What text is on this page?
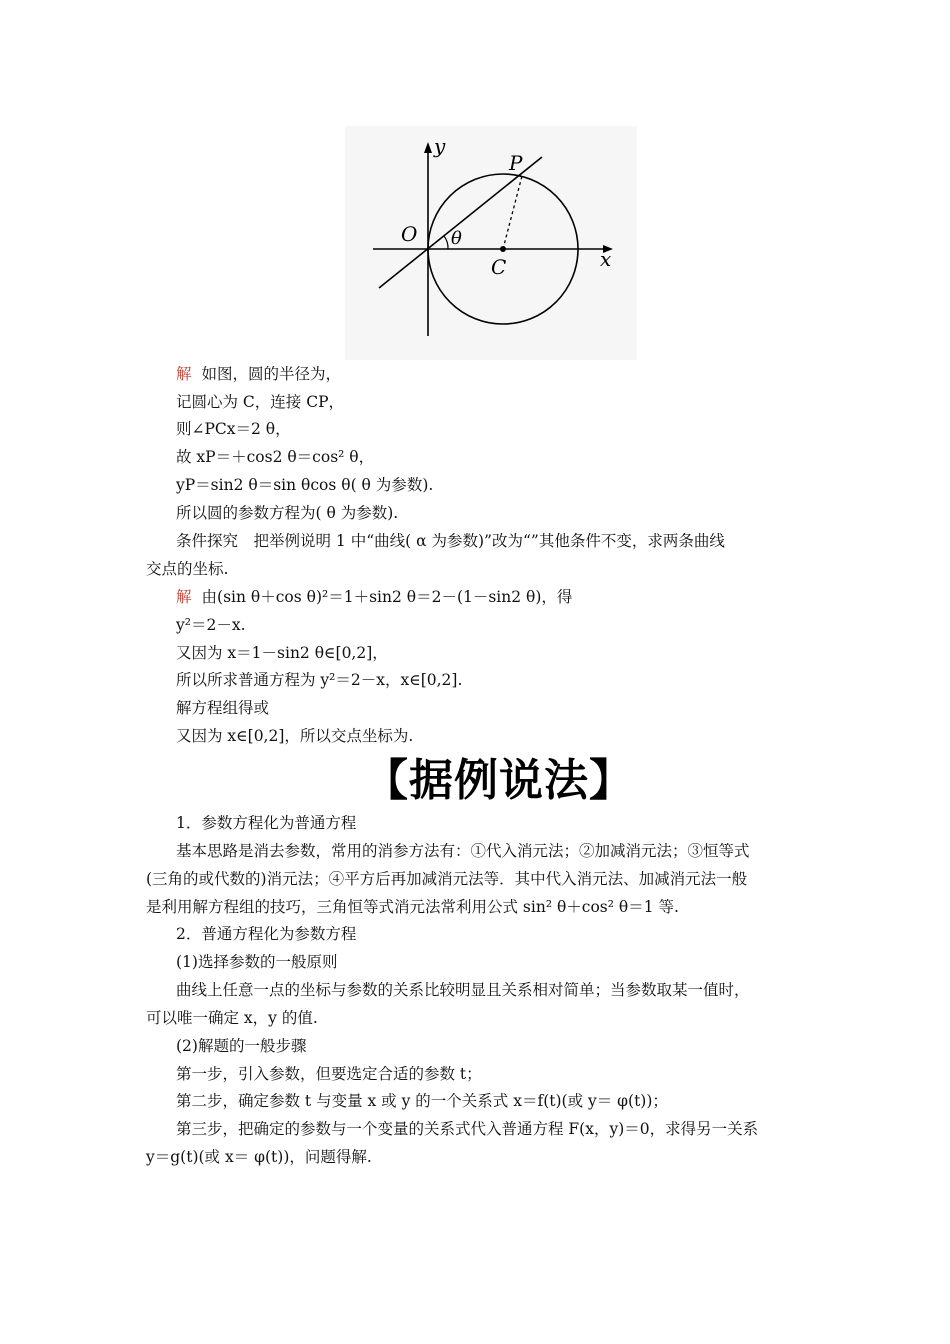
y
x
O
P
C
θ
解 如图，圆的半径为，
记圆心为 C，连接 CP，
则∠PCx＝2 θ，
故 xP＝＋cos2 θ＝cos² θ，
yP＝sin2 θ＝sin θcos θ( θ 为参数).
所以圆的参数方程为( θ 为参数).
条件探究　把举例说明 1 中“曲线( α 为参数)”改为“”其他条件不变，求两条曲线
交点的坐标.
解 由(sin θ＋cos θ)²＝1＋sin2 θ＝2－(1－sin2 θ)，得
y²＝2－x.
又因为 x＝1－sin2 θ∈[0,2]，
所以所求普通方程为 y²＝2－x，x∈[0,2].
解方程组得或
又因为 x∈[0,2]，所以交点坐标为.
【据例说法】
1．参数方程化为普通方程
基本思路是消去参数，常用的消参方法有：①代入消元法；②加减消元法；③恒等式
(三角的或代数的)消元法；④平方后再加减消元法等．其中代入消元法、加减消元法一般
是利用解方程组的技巧，三角恒等式消元法常利用公式 sin² θ＋cos² θ＝1 等.
2．普通方程化为参数方程
(1)选择参数的一般原则
曲线上任意一点的坐标与参数的关系比较明显且关系相对简单；当参数取某一值时，
可以唯一确定 x，y 的值.
(2)解题的一般步骤
第一步，引入参数，但要选定合适的参数 t；
第二步，确定参数 t 与变量 x 或 y 的一个关系式 x＝f(t)(或 y＝ φ(t))；
第三步，把确定的参数与一个变量的关系式代入普通方程 F(x，y)＝0，求得另一关系
y＝g(t)(或 x＝ φ(t))，问题得解.
